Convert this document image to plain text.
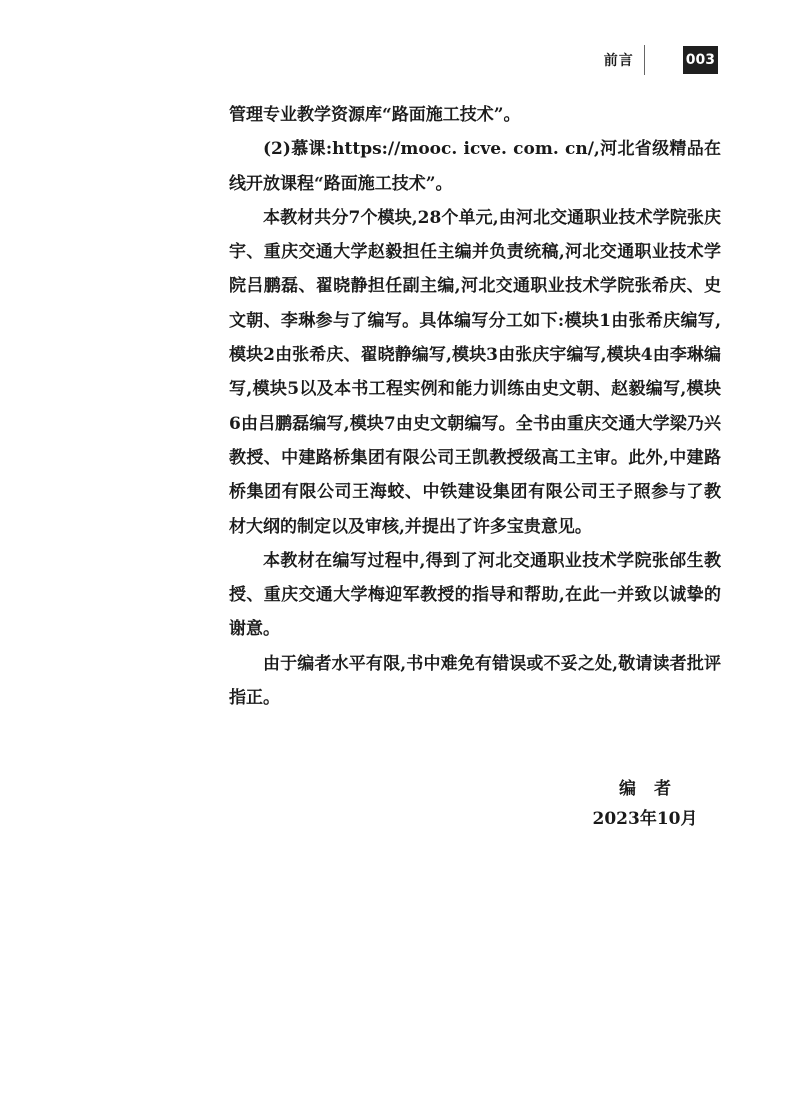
前言	003

管理专业教学资源库“路面施工技术”。

(2)慕课:https://mooc. icve. com. cn/,河北省级精品在线开放课程“路面施工技术”。

本教材共分7个模块,28个单元,由河北交通职业技术学院张庆宇、重庆交通大学赵毅担任主编并负责统稿,河北交通职业技术学院吕鹏磊、翟晓静担任副主编,河北交通职业技术学院张希庆、史文朝、李琳参与了编写。具体编写分工如下:模块1由张希庆编写,模块2由张希庆、翟晓静编写,模块3由张庆宇编写,模块4由李琳编写,模块5以及本书工程实例和能力训练由史文朝、赵毅编写,模块6由吕鹏磊编写,模块7由史文朝编写。全书由重庆交通大学梁乃兴教授、中建路桥集团有限公司王凯教授级高工主审。此外,中建路桥集团有限公司王海蛟、中铁建设集团有限公司王子照参与了教材大纲的制定以及审核,并提出了许多宝贵意见。

本教材在编写过程中,得到了河北交通职业技术学院张邰生教授、重庆交通大学梅迎军教授的指导和帮助,在此一并致以诚挚的谢意。

由于编者水平有限,书中难免有错误或不妥之处,敬请读者批评指正。

编者
2023年10月
